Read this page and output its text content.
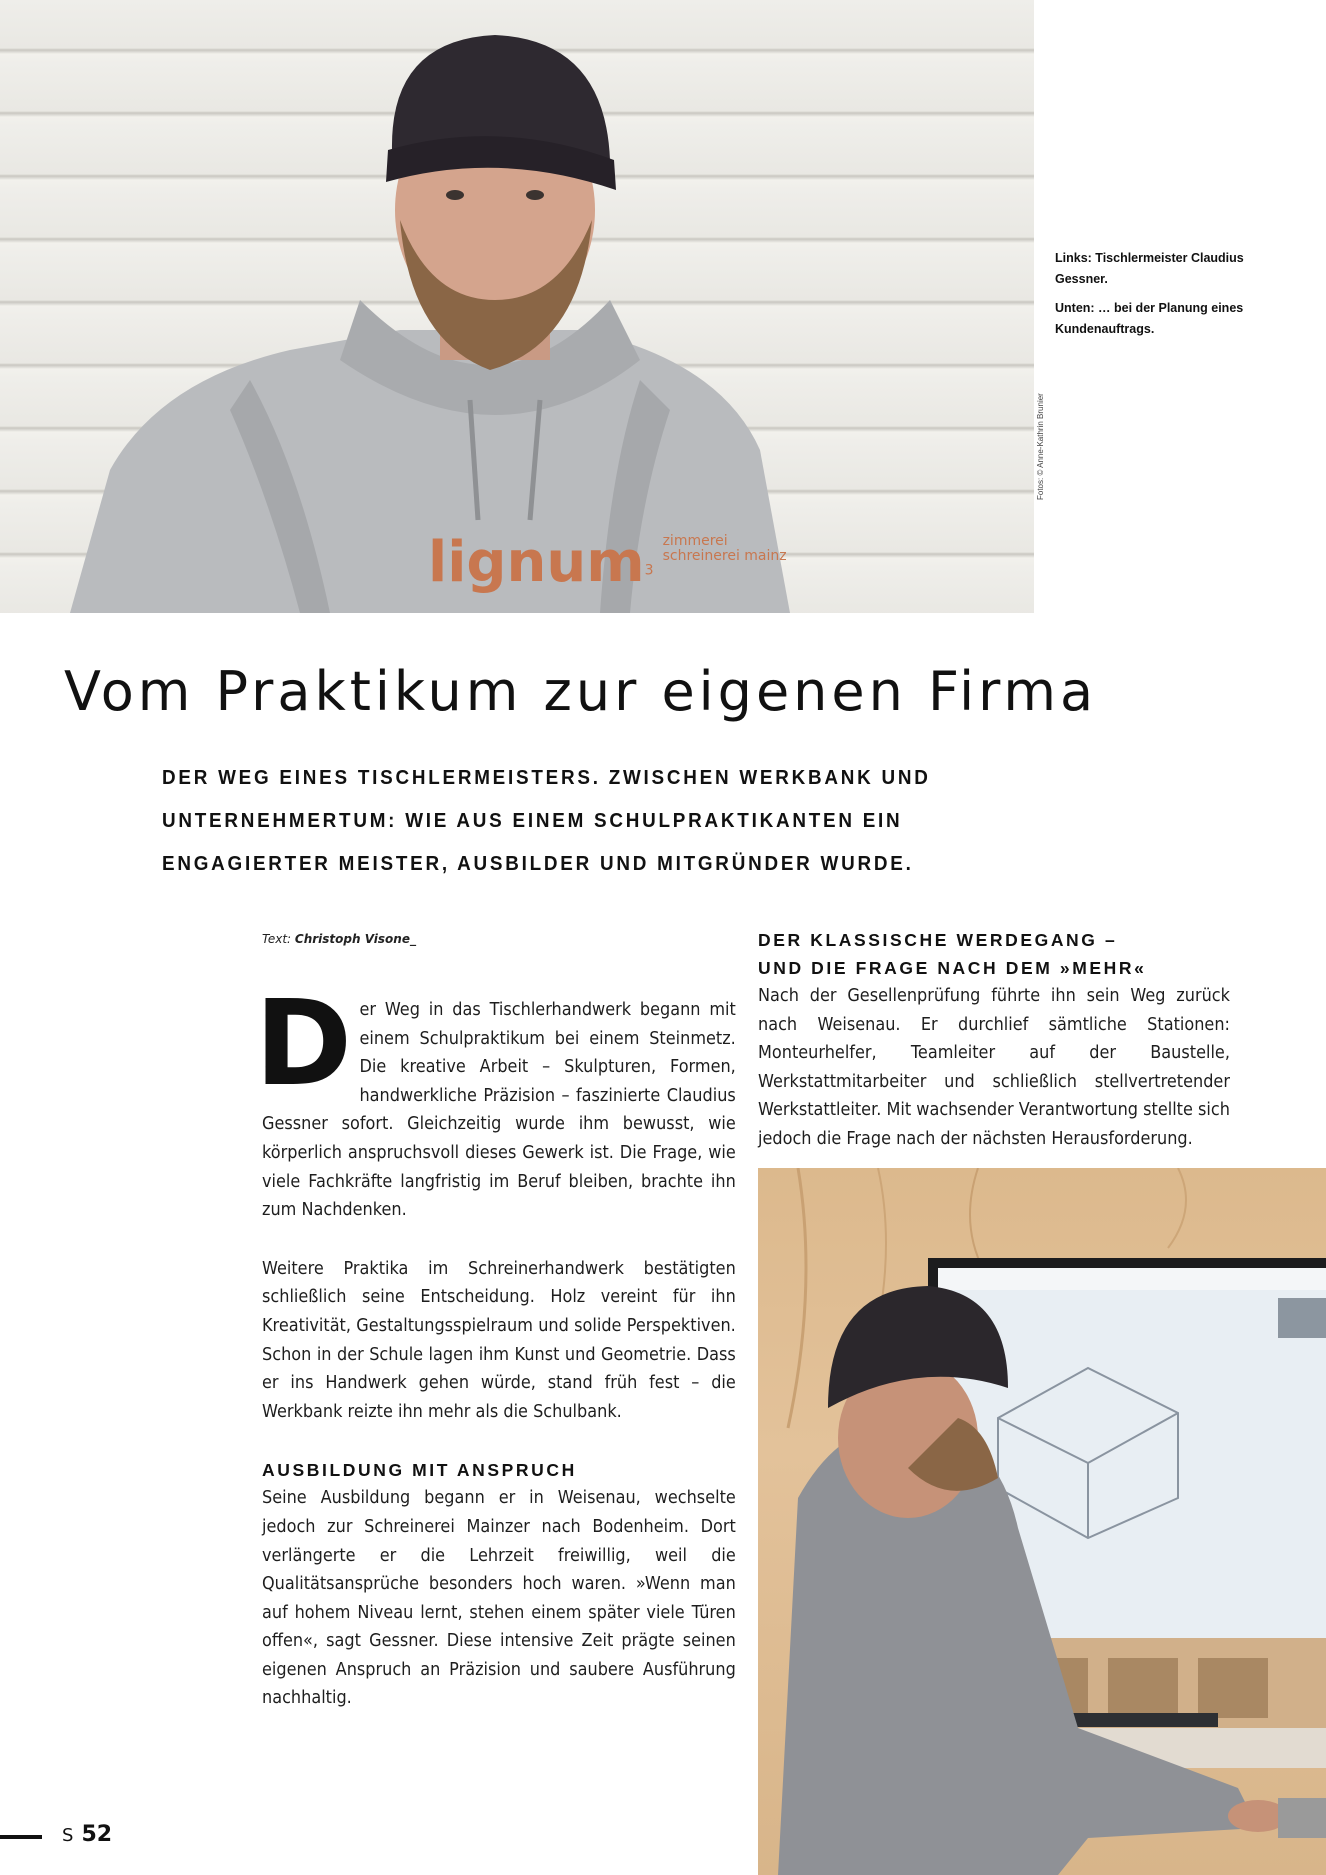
lignum$^3$ zimmerei
schreinerei mainz
Fotos: © Anne-Kathrin Brunier

Links: Tischlermeister Claudius Gessner.

Unten: … bei der Planung eines Kundenauftrags.

Vom Praktikum zur eigenen Firma

DER WEG EINES TISCHLERMEISTERS. ZWISCHEN WERKBANK UND UNTERNEHMERTUM: WIE AUS EINEM SCHULPRAKTIKANTEN EIN ENGAGIERTER MEISTER, AUSBILDER UND MITGRÜNDER WURDE.

Text: Christoph Visone_

Der Weg in das Tischlerhandwerk begann mit einem Schulpraktikum bei einem Steinmetz. Die kreative Arbeit – Skulpturen, Formen, handwerkliche Präzision – faszinierte Claudius Gessner sofort. Gleichzeitig wurde ihm bewusst, wie körperlich anspruchsvoll dieses Gewerk ist. Die Frage, wie viele Fachkräfte langfristig im Beruf bleiben, brachte ihn zum Nachdenken.

Weitere Praktika im Schreinerhandwerk bestätigten schließlich seine Entscheidung. Holz vereint für ihn Kreativität, Gestaltungsspielraum und solide Perspektiven. Schon in der Schule lagen ihm Kunst und Geometrie. Dass er ins Handwerk gehen würde, stand früh fest – die Werkbank reizte ihn mehr als die Schulbank.

AUSBILDUNG MIT ANSPRUCH

Seine Ausbildung begann er in Weisenau, wechselte jedoch zur Schreinerei Mainzer nach Bodenheim. Dort verlängerte er die Lehrzeit freiwillig, weil die Qualitätsansprüche besonders hoch waren. »Wenn man auf hohem Niveau lernt, stehen einem später viele Türen offen«, sagt Gessner. Diese intensive Zeit prägte seinen eigenen Anspruch an Präzision und saubere Ausführung nachhaltig.

DER KLASSISCHE WERDEGANG –
UND DIE FRAGE NACH DEM »MEHR«

Nach der Gesellenprüfung führte ihn sein Weg zurück nach Weisenau. Er durchlief sämtliche Stationen: Monteurhelfer, Teamleiter auf der Baustelle, Werkstattmitarbeiter und schließlich stellvertretender Werkstattleiter. Mit wachsender Verantwortung stellte sich jedoch die Frage nach der nächsten Herausforderung.

S 52
